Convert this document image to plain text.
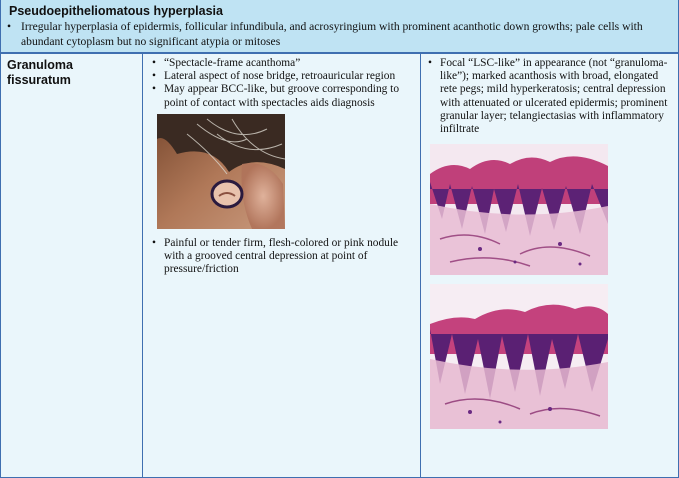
Pseudoepitheliomatous hyperplasia
• Irregular hyperplasia of epidermis, follicular infundibula, and acrosyringium with prominent acanthotic down growths; pale cells with abundant cytoplasm but no significant atypia or mitoses
Granuloma
fissuratum
• “Spectacle-frame acanthoma”
• Lateral aspect of nose bridge, retroauricular region
• May appear BCC-like, but groove corresponding to point of contact with spectacles aids diagnosis
• Painful or tender firm, flesh-colored or pink nodule with a grooved central depression at point of pressure/friction
• Focal “LSC-like” in appearance (not “granuloma-like”); marked acanthosis with broad, elongated rete pegs; mild hyperkeratosis; central depression with attenuated or ulcerated epidermis; prominent granular layer; telangiectasias with inflammatory infiltrate
